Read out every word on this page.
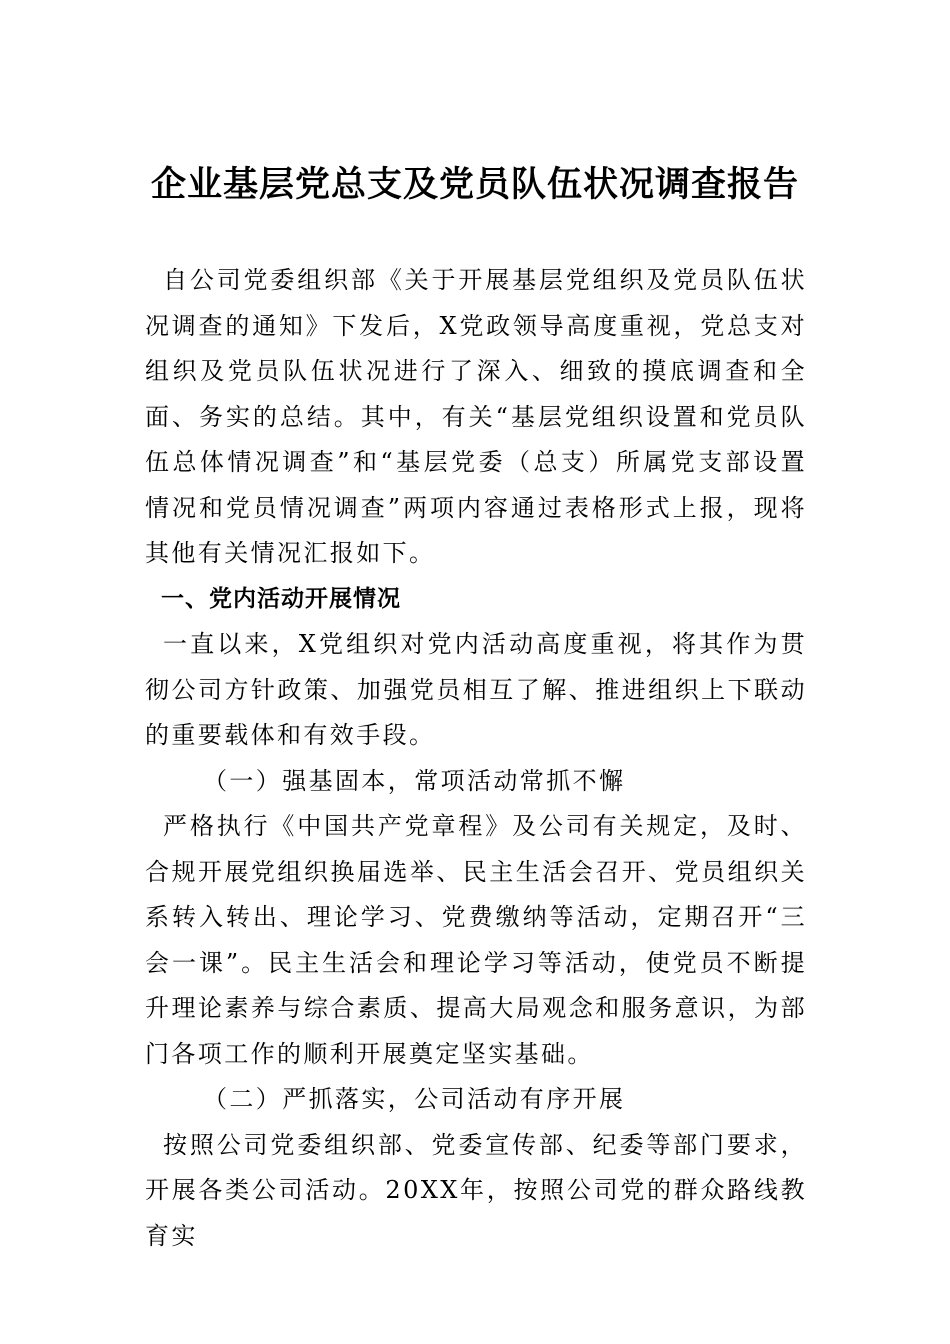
企业基层党总支及党员队伍状况调查报告

自公司党委组织部《关于开展基层党组织及党员队伍状况调查的通知》下发后，X党政领导高度重视，党总支对组织及党员队伍状况进行了深入、细致的摸底调查和全面、务实的总结。其中，有关“基层党组织设置和党员队伍总体情况调查”和“基层党委（总支）所属党支部设置情况和党员情况调查”两项内容通过表格形式上报，现将其他有关情况汇报如下。

一、党内活动开展情况

一直以来，X党组织对党内活动高度重视，将其作为贯彻公司方针政策、加强党员相互了解、推进组织上下联动的重要载体和有效手段。

（一）强基固本，常项活动常抓不懈

严格执行《中国共产党章程》及公司有关规定，及时、合规开展党组织换届选举、民主生活会召开、党员组织关系转入转出、理论学习、党费缴纳等活动，定期召开“三会一课”。民主生活会和理论学习等活动，使党员不断提升理论素养与综合素质、提高大局观念和服务意识，为部门各项工作的顺利开展奠定坚实基础。

（二）严抓落实，公司活动有序开展

按照公司党委组织部、党委宣传部、纪委等部门要求，开展各类公司活动。20XX年，按照公司党的群众路线教育实
